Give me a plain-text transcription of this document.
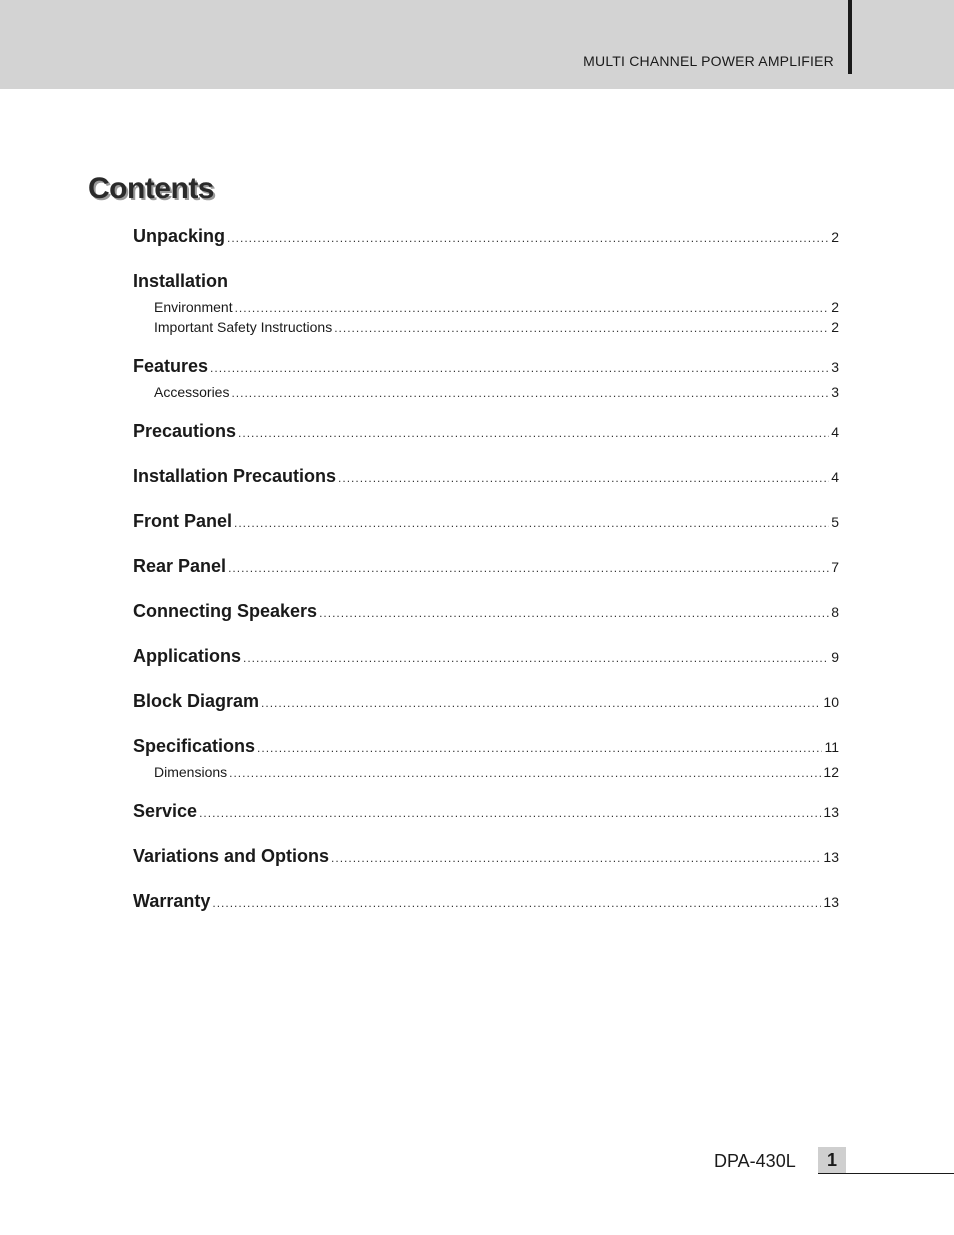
MULTI CHANNEL POWER AMPLIFIER
Contents
Unpacking .....	2
Installation
Environment .....	2
Important Safety Instructions .....	2
Features .....	3
Accessories .....	3
Precautions .....	4
Installation Precautions .....	4
Front Panel .....	5
Rear Panel .....	7
Connecting Speakers .....	8
Applications .....	9
Block Diagram .....	10
Specifications .....	11
Dimensions .....	12
Service .....	13
Variations and Options .....	13
Warranty .....	13
DPA-430L	1
